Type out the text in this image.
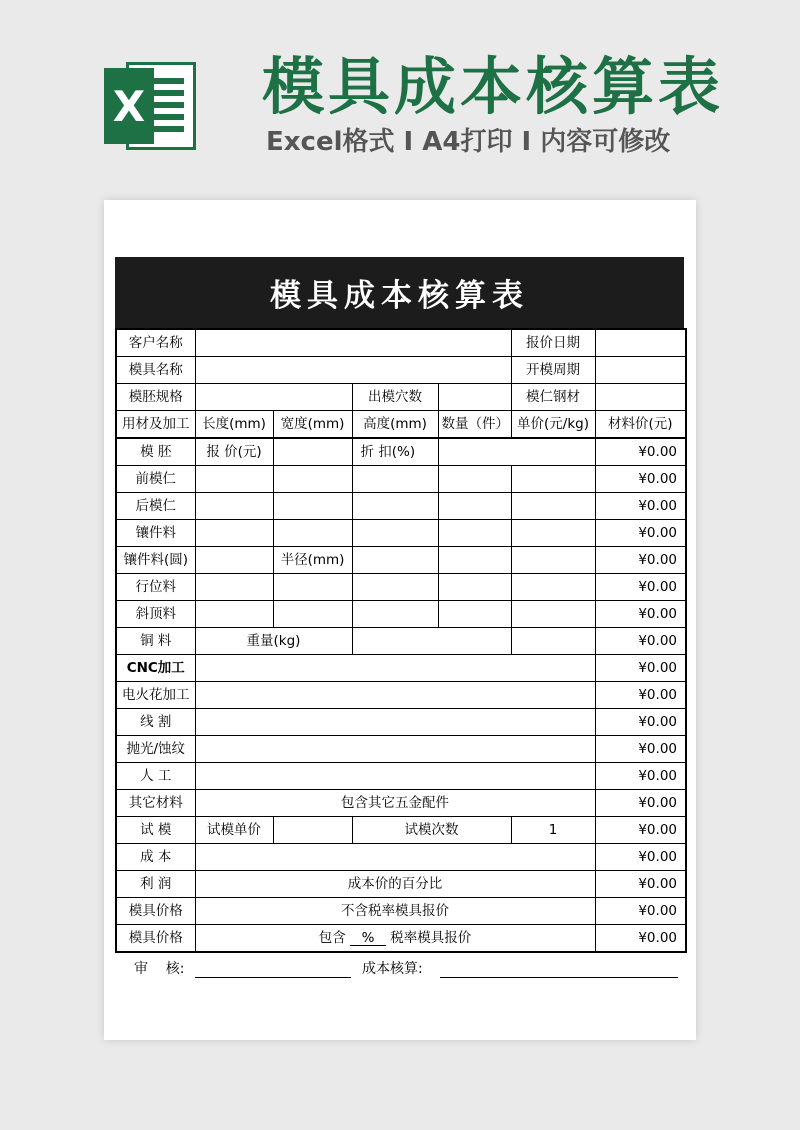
X 模具成本核算表
Excel格式 I A4打印 I 内容可修改
模具成本核算表
客户名称					报价日期	
模具名称					开模周期	
模胚规格			出模穴数		模仁钢材	
用材及加工	长度(mm)	宽度(mm)	高度(mm)	数量（件）	单价(元/kg)	材料价(元)
模 胚	报 价(元)		折 扣(%)			¥0.00
前模仁						¥0.00
后模仁						¥0.00
镶件料						¥0.00
镶件料(圆)		半径(mm)				¥0.00
行位料						¥0.00
斜顶料						¥0.00
铜 料	重量(kg)					¥0.00
CNC加工						¥0.00
电火花加工						¥0.00
线 割						¥0.00
抛光/蚀纹						¥0.00
人 工						¥0.00
其它材料	包含其它五金配件					¥0.00
试 模	试模单价		试模次数		1	¥0.00
成 本						¥0.00
利 润	成本价的百分比					¥0.00
模具价格	不含税率模具报价					¥0.00
模具价格	包含 % 税率模具报价					¥0.00
审    核:	成本核算:
